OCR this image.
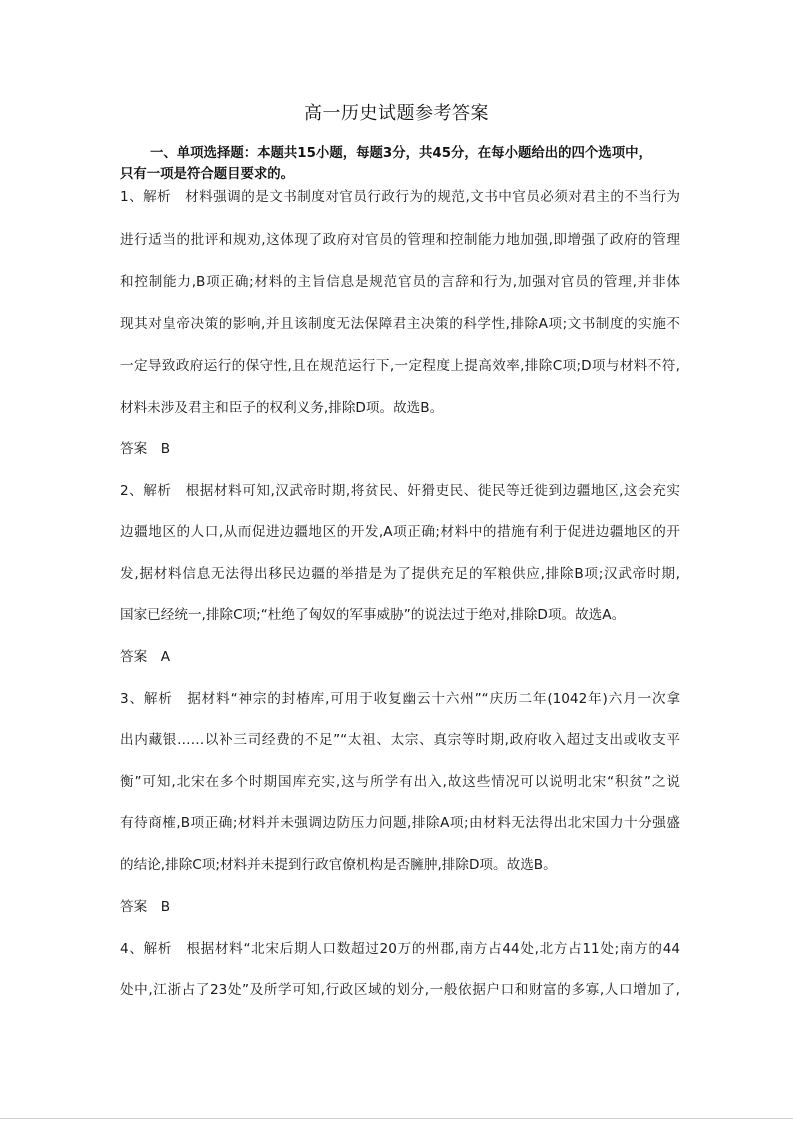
高一历史试题参考答案
一、单项选择题：本题共15小题，每题3分，共45分，在每小题给出的四个选项中，
只有一项是符合题目要求的。
1、解析　材料强调的是文书制度对官员行政行为的规范,文书中官员必须对君主的不当行为
进行适当的批评和规劝,这体现了政府对官员的管理和控制能力地加强,即增强了政府的管理
和控制能力,B项正确;材料的主旨信息是规范官员的言辞和行为,加强对官员的管理,并非体
现其对皇帝决策的影响,并且该制度无法保障君主决策的科学性,排除A项;文书制度的实施不
一定导致政府运行的保守性,且在规范运行下,一定程度上提高效率,排除C项;D项与材料不符,
材料未涉及君主和臣子的权利义务,排除D项。故选B。
答案　B
2、解析　根据材料可知,汉武帝时期,将贫民、奸猾吏民、徙民等迁徙到边疆地区,这会充实
边疆地区的人口,从而促进边疆地区的开发,A项正确;材料中的措施有利于促进边疆地区的开
发,据材料信息无法得出移民边疆的举措是为了提供充足的军粮供应,排除B项;汉武帝时期,
国家已经统一,排除C项;“杜绝了匈奴的军事威胁”的说法过于绝对,排除D项。故选A。
答案　A
3、解析　据材料“神宗的封椿库,可用于收复幽云十六州”“庆历二年(1042年)六月一次拿
出内藏银……以补三司经费的不足”“太祖、太宗、真宗等时期,政府收入超过支出或收支平
衡”可知,北宋在多个时期国库充实,这与所学有出入,故这些情况可以说明北宋“积贫”之说
有待商榷,B项正确;材料并未强调边防压力问题,排除A项;由材料无法得出北宋国力十分强盛
的结论,排除C项;材料并未提到行政官僚机构是否臃肿,排除D项。故选B。
答案　B
4、解析　根据材料“北宋后期人口数超过20万的州郡,南方占44处,北方占11处;南方的44
处中,江浙占了23处”及所学可知,行政区域的划分,一般依据户口和财富的多寡,人口增加了,
